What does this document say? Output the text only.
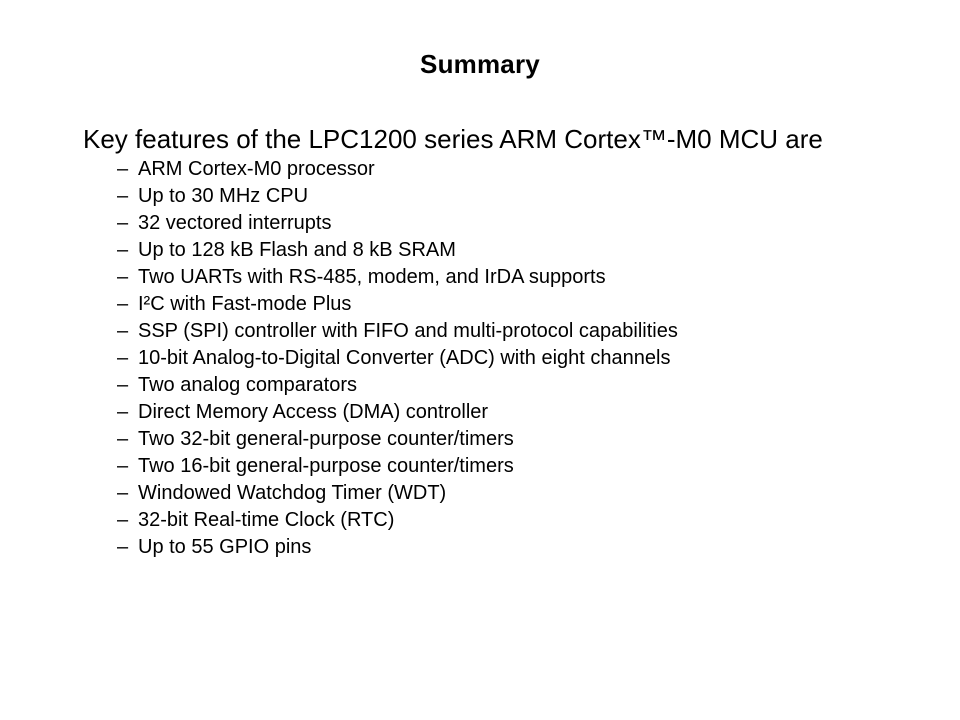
Summary
Key features of the LPC1200 series ARM Cortex™-M0 MCU are
– ARM Cortex-M0 processor
– Up to 30 MHz CPU
– 32 vectored interrupts
– Up to 128 kB Flash and 8 kB SRAM
– Two UARTs with RS-485, modem, and IrDA supports
– I²C with Fast-mode Plus
– SSP (SPI) controller with FIFO and multi-protocol capabilities
– 10-bit Analog-to-Digital Converter (ADC) with eight channels
– Two analog comparators
– Direct Memory Access (DMA) controller
– Two 32-bit general-purpose counter/timers
– Two 16-bit general-purpose counter/timers
– Windowed Watchdog Timer (WDT)
– 32-bit Real-time Clock (RTC)
– Up to 55 GPIO pins
